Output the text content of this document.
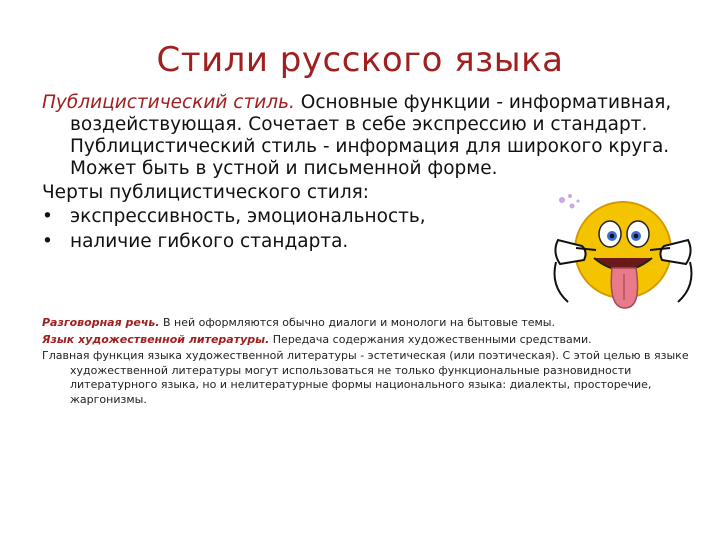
Стили русского языка

Публицистический стиль. Основные функции - информативная, воздействующая. Сочетает в себе экспрессию и стандарт. Публицистический стиль - информация для широкого круга. Может быть в устной и письменной форме.

Черты публицистического стиля:

• экспрессивность, эмоциональность,
• наличие гибкого стандарта.

Разговорная речь. В ней оформляются обычно диалоги и монологи на бытовые темы.

Язык художественной литературы. Передача содержания художественными средствами.

Главная функция языка художественной литературы - эстетическая (или поэтическая). С этой целью в языке художественной литературы могут использоваться не только функциональные разновидности литературного языка, но и нелитературные формы национального языка: диалекты, просторечие, жаргонизмы.
